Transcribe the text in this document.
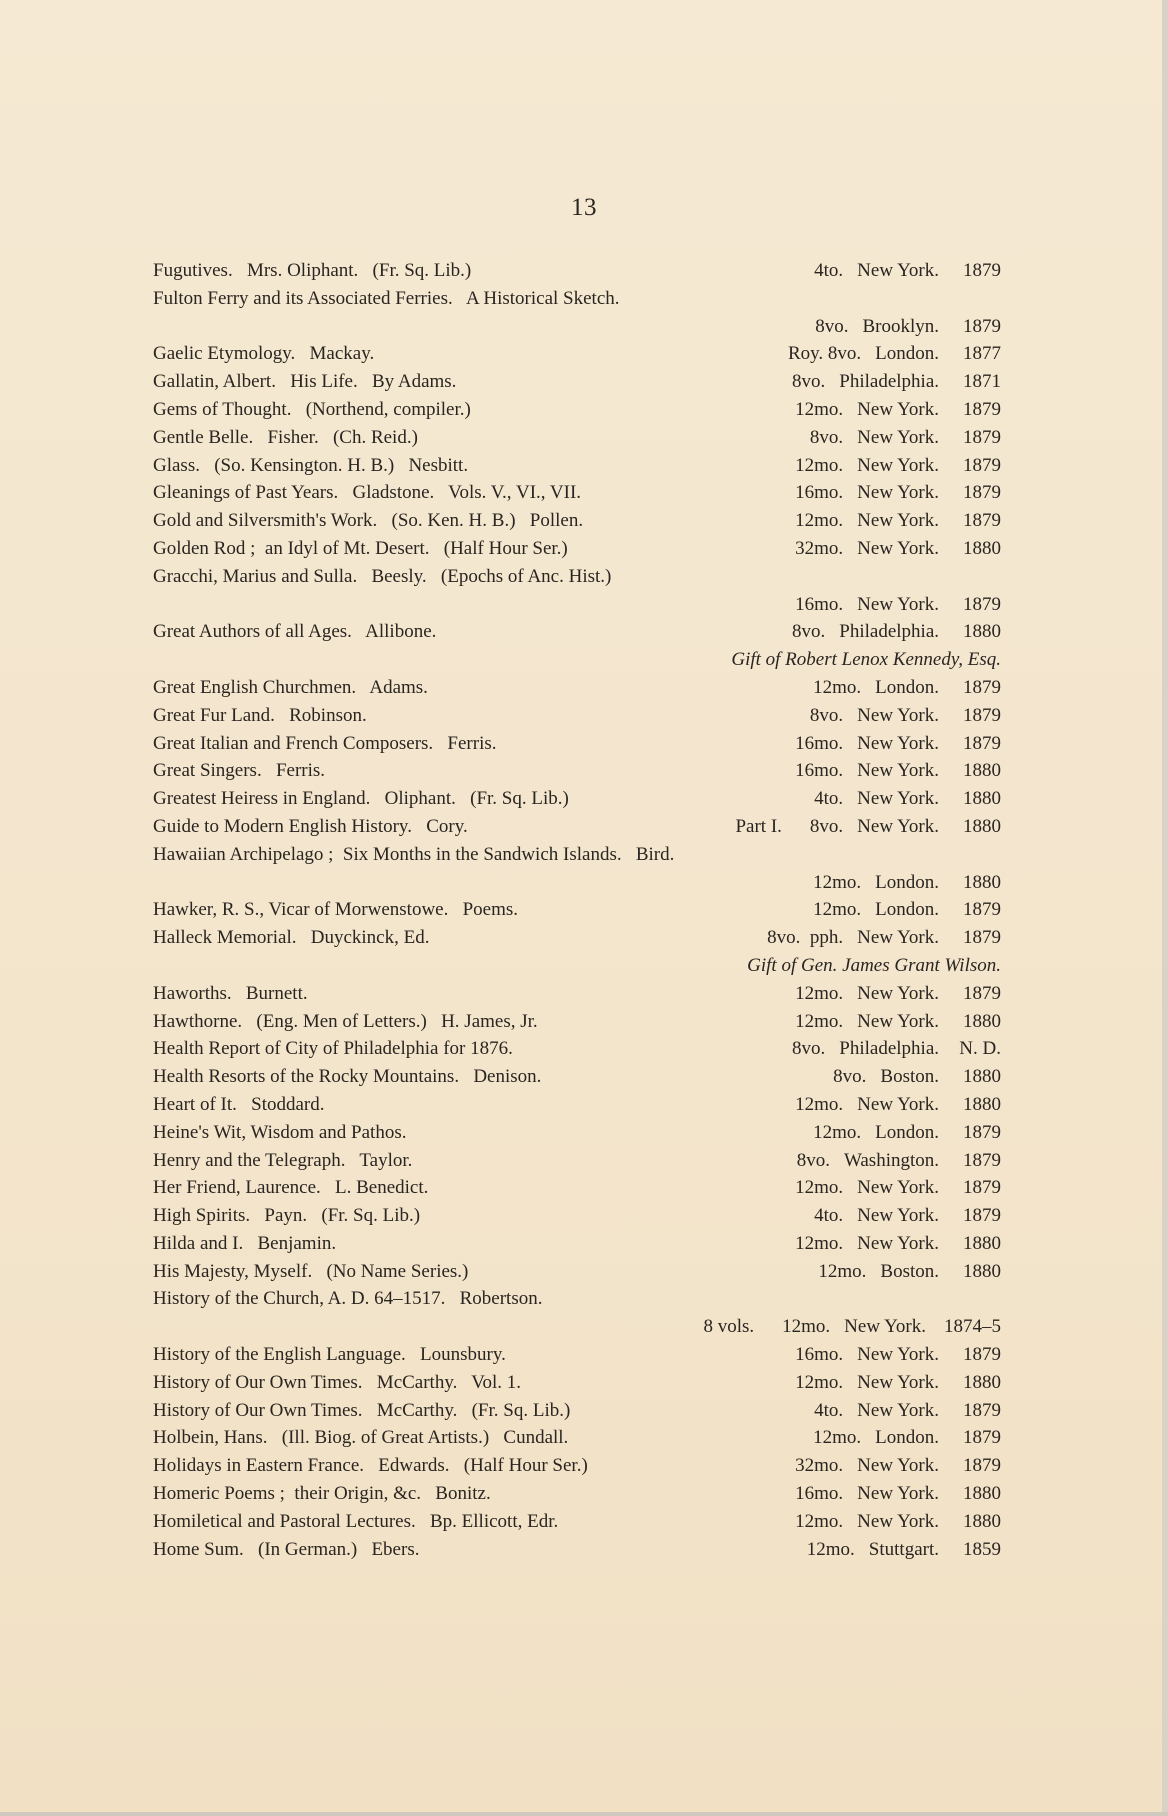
13
Fugutives.   Mrs. Oliphant.   (Fr. Sq. Lib.)	4to. New York. 1879
Fulton Ferry and its Associated Ferries.   A Historical Sketch.
8vo. Brooklyn. 1879
Gaelic Etymology.   Mackay.	Roy. 8vo. London. 1877
Gallatin, Albert.   His Life.   By Adams.	8vo. Philadelphia. 1871
Gems of Thought.   (Northend, compiler.)	12mo. New York. 1879
Gentle Belle.   Fisher.   (Ch. Reid.)	8vo. New York. 1879
Glass.   (So. Kensington. H. B.)   Nesbitt.	12mo. New York. 1879
Gleanings of Past Years.   Gladstone.   Vols. V., VI., VII.	16mo. New York. 1879
Gold and Silversmith's Work.   (So. Ken. H. B.)   Pollen.	12mo. New York. 1879
Golden Rod ;  an Idyl of Mt. Desert.   (Half Hour Ser.)	32mo. New York. 1880
Gracchi, Marius and Sulla.   Beesly.   (Epochs of Anc. Hist.)
16mo. New York. 1879
Great Authors of all Ages.   Allibone.	8vo. Philadelphia. 1880
Gift of Robert Lenox Kennedy, Esq.
Great English Churchmen.   Adams.	12mo. London. 1879
Great Fur Land.   Robinson.	8vo. New York. 1879
Great Italian and French Composers.   Ferris.	16mo. New York. 1879
Great Singers.   Ferris.	16mo. New York. 1880
Greatest Heiress in England.   Oliphant.   (Fr. Sq. Lib.)	4to. New York. 1880
Guide to Modern English History.   Cory.	Part I. 8vo. New York. 1880
Hawaiian Archipelago ;  Six Months in the Sandwich Islands.   Bird.
12mo. London. 1880
Hawker, R. S., Vicar of Morwenstowe.   Poems.	12mo. London. 1879
Halleck Memorial.   Duyckinck, Ed.	8vo.  pph. New York. 1879
Gift of Gen. James Grant Wilson.
Haworths.   Burnett.	12mo. New York. 1879
Hawthorne.   (Eng. Men of Letters.)   H. James, Jr.	12mo. New York. 1880
Health Report of City of Philadelphia for 1876.	8vo. Philadelphia. N. D.
Health Resorts of the Rocky Mountains.   Denison.	8vo. Boston. 1880
Heart of It.   Stoddard.	12mo. New York. 1880
Heine's Wit, Wisdom and Pathos.	12mo. London. 1879
Henry and the Telegraph.   Taylor.	8vo. Washington. 1879
Her Friend, Laurence.   L. Benedict.	12mo. New York. 1879
High Spirits.   Payn.   (Fr. Sq. Lib.)	4to. New York. 1879
Hilda and I.   Benjamin.	12mo. New York. 1880
His Majesty, Myself.   (No Name Series.)	12mo. Boston. 1880
History of the Church, A. D. 64–1517.   Robertson.
8 vols. 12mo. New York. 1874–5
History of the English Language.   Lounsbury.	16mo. New York. 1879
History of Our Own Times.   McCarthy.   Vol. 1.	12mo. New York. 1880
History of Our Own Times.   McCarthy.   (Fr. Sq. Lib.)	4to. New York. 1879
Holbein, Hans.   (Ill. Biog. of Great Artists.)   Cundall.	12mo. London. 1879
Holidays in Eastern France.   Edwards.   (Half Hour Ser.)	32mo. New York. 1879
Homeric Poems ;  their Origin, &c.   Bonitz.	16mo. New York. 1880
Homiletical and Pastoral Lectures.   Bp. Ellicott, Edr.	12mo. New York. 1880
Home Sum.   (In German.)   Ebers.	12mo. Stuttgart. 1859
